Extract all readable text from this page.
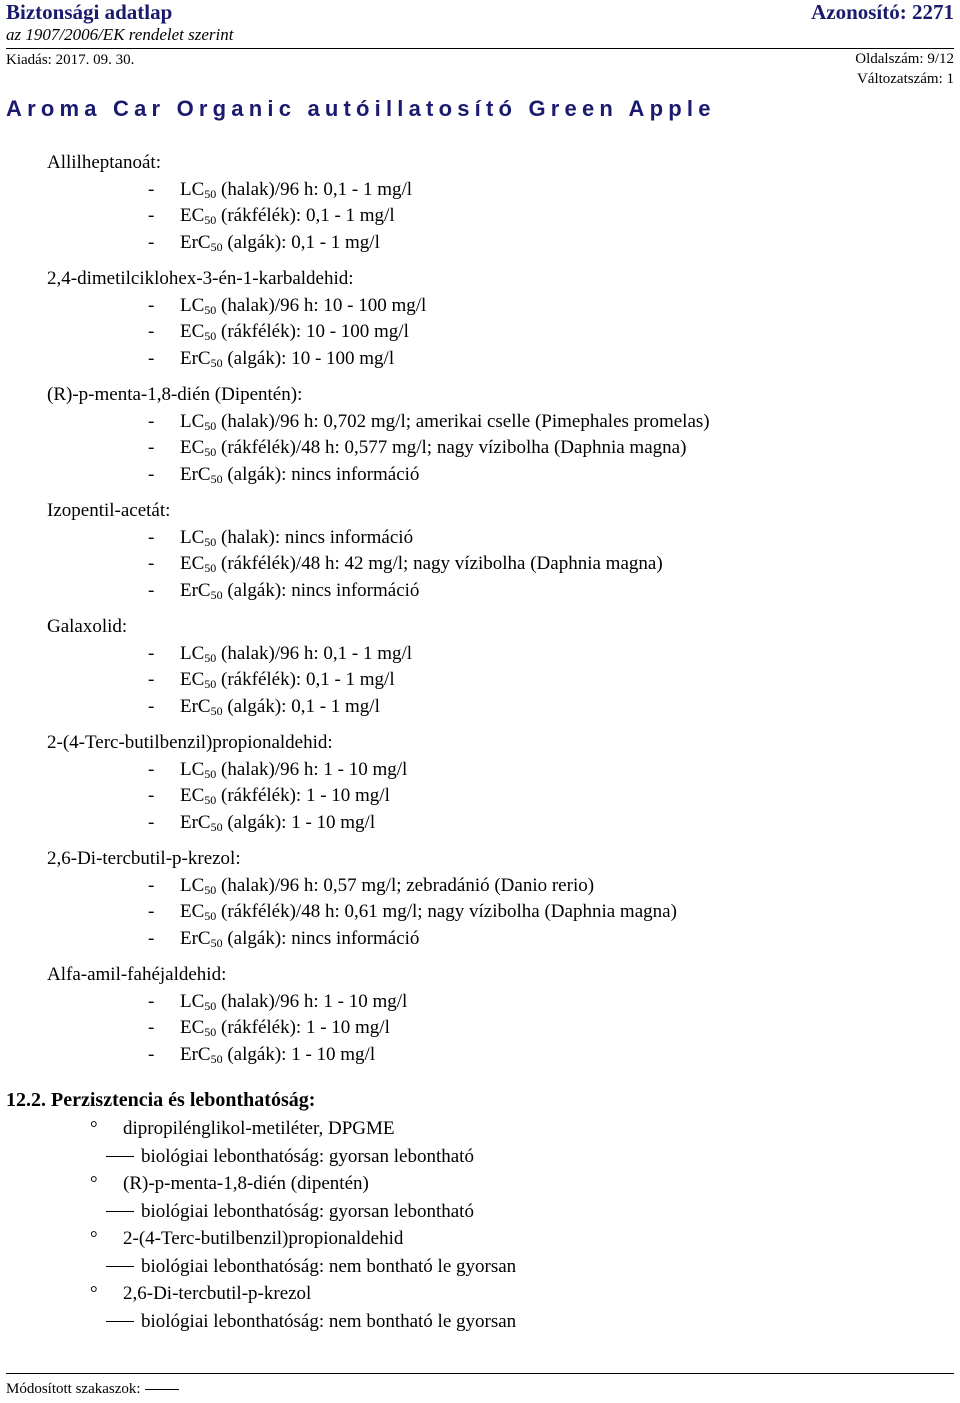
Biztonsági adatlap	Azonosító: 2271
az 1907/2006/EK rendelet szerint
Kiadás: 2017. 09. 30.	Oldalszám: 9/12
Változatszám: 1
Aroma Car Organic autóillatosító Green Apple
Allilheptanoát:
- $LC_{50}$ (halak)/96 h: 0,1 - 1 mg/l
- $EC_{50}$ (rákfélék): 0,1 - 1 mg/l
- ErC$_{50}$ (algák): 0,1 - 1 mg/l
2,4-dimetilciklohex-3-én-1-karbaldehid:
- $LC_{50}$ (halak)/96 h: 10 - 100 mg/l
- $EC_{50}$ (rákfélék): 10 - 100 mg/l
- ErC$_{50}$ (algák): 10 - 100 mg/l
(R)-p-menta-1,8-dién (Dipentén):
- $LC_{50}$ (halak)/96 h: 0,702 mg/l; amerikai cselle (Pimephales promelas)
- $EC_{50}$ (rákfélék)/48 h: 0,577 mg/l; nagy vízibolha (Daphnia magna)
- ErC$_{50}$ (algák): nincs információ
Izopentil-acetát:
- $LC_{50}$ (halak): nincs információ
- $EC_{50}$ (rákfélék)/48 h: 42 mg/l; nagy vízibolha (Daphnia magna)
- ErC$_{50}$ (algák): nincs információ
Galaxolid:
- $LC_{50}$ (halak)/96 h: 0,1 - 1 mg/l
- $EC_{50}$ (rákfélék): 0,1 - 1 mg/l
- ErC$_{50}$ (algák): 0,1 - 1 mg/l
2-(4-Terc-butilbenzil)propionaldehid:
- $LC_{50}$ (halak)/96 h: 1 - 10 mg/l
- $EC_{50}$ (rákfélék): 1 - 10 mg/l
- ErC$_{50}$ (algák): 1 - 10 mg/l
2,6-Di-tercbutil-p-krezol:
- $LC_{50}$ (halak)/96 h: 0,57 mg/l; zebradánió (Danio rerio)
- $EC_{50}$ (rákfélék)/48 h: 0,61 mg/l; nagy vízibolha (Daphnia magna)
- ErC$_{50}$ (algák): nincs információ
Alfa-amil-fahéjaldehid:
- $LC_{50}$ (halak)/96 h: 1 - 10 mg/l
- $EC_{50}$ (rákfélék): 1 - 10 mg/l
- ErC$_{50}$ (algák): 1 - 10 mg/l
12.2. Perzisztencia és lebonthatóság:
° dipropilénglikol-metiléter, DPGME
biológiai lebonthatóság: gyorsan lebontható
° (R)-p-menta-1,8-dién (dipentén)
biológiai lebonthatóság: gyorsan lebontható
° 2-(4-Terc-butilbenzil)propionaldehid
biológiai lebonthatóság: nem bontható le gyorsan
° 2,6-Di-tercbutil-p-krezol
biológiai lebonthatóság: nem bontható le gyorsan
Módosított szakaszok:
